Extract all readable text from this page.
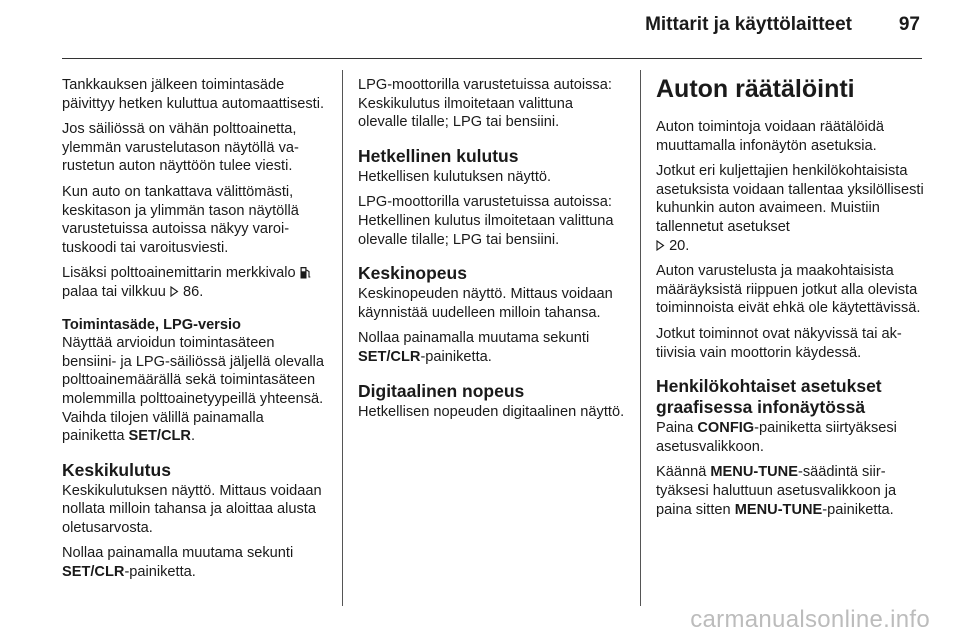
Mittarit ja käyttölaitteet 97

Tankkauksen jälkeen toimintasäde päivittyy hetken kuluttua automaattisesti.

Jos säiliössä on vähän polttoainetta, ylemmän varustelutason näytöllä varustetun auton näyttöön tulee viesti.

Kun auto on tankattava välittömästi, keskitason ja ylimmän tason näytöllä varustetuissa autoissa näkyy varoituskoodi tai varoitusviesti.

Lisäksi polttoainemittarin merkkivalo  palaa tai vilkkuu 86.

Toimintasäde, LPG-versio

Näyttää arvioidun toimintasäteen bensiini- ja LPG-säiliössä jäljellä olevalla polttoainemäärällä sekä toimintasäteen molemmilla polttoainetyypeillä yhteensä. Vaihda tilojen välillä painamalla painiketta SET/CLR.

Keskikulutus

Keskikulutuksen näyttö. Mittaus voidaan nollata milloin tahansa ja aloittaa alusta oletusarvosta.

Nollaa painamalla muutama sekunti
SET/CLR-painiketta.

LPG-moottorilla varustetuissa autoissa: Keskikulutus ilmoitetaan valittuna olevalle tilalle; LPG tai bensiini.

Hetkellinen kulutus

Hetkellisen kulutuksen näyttö.

LPG-moottorilla varustetuissa autoissa: Hetkellinen kulutus ilmoitetaan valittuna olevalle tilalle; LPG tai bensiini.

Keskinopeus

Keskinopeuden näyttö. Mittaus voidaan käynnistää uudelleen milloin tahansa.

Nollaa painamalla muutama sekunti
SET/CLR-painiketta.

Digitaalinen nopeus

Hetkellisen nopeuden digitaalinen näyttö.

Auton räätälöinti

Auton toimintoja voidaan räätälöidä muuttamalla infonäytön asetuksia.

Jotkut eri kuljettajien henkilökohtaisista asetuksista voidaan tallentaa yksilöllisesti kuhunkin auton avaimeen. Muistiin tallennetut asetukset
20.

Auton varustelusta ja maakohtaisista määräyksistä riippuen jotkut alla olevista toiminnoista eivät ehkä ole käytettävissä.

Jotkut toiminnot ovat näkyvissä tai aktiivisia vain moottorin käydessä.

Henkilökohtaiset asetukset graafisessa infonäytössä

Paina CONFIG-painiketta siirtyäksesi asetusvalikkoon.

Käännä MENU-TUNE-säädintä siirtyäksesi haluttuun asetusvalikkoon ja paina sitten MENU-TUNE-painiketta.

carmanualsonline.info
